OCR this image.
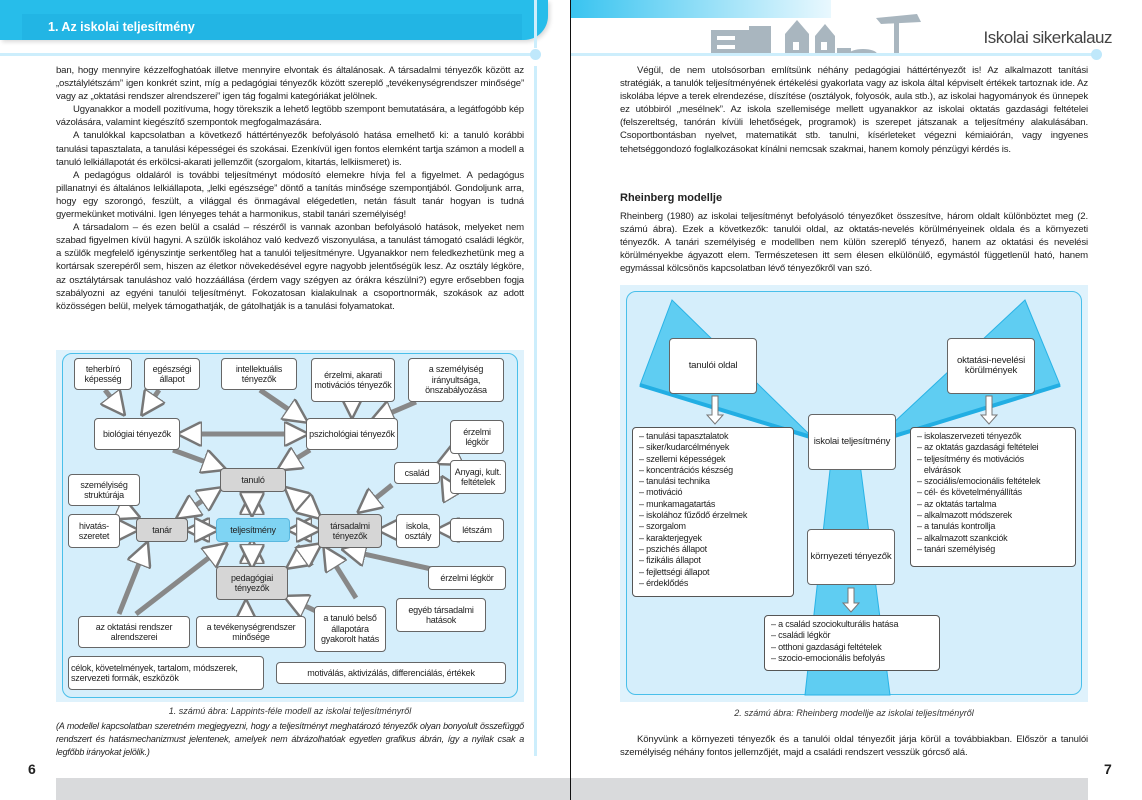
1. Az iskolai teljesítmény

ban, hogy mennyire kézzelfoghatóak illetve mennyire elvontak és általánosak. A társadalmi tényezők között az „osztálylétszám” igen konkrét szint, míg a pedagógiai tényezők között szereplő „tevékenységrendszer minősége” vagy az „oktatási rendszer alrendszerei” igen tág fogalmi kategóriákat jelölnek.

Ugyanakkor a modell pozitívuma, hogy törekszik a lehető legtöbb szempont bemutatására, a legátfogóbb kép vázolására, valamint kiegészítő szempontok megfogalmazására.

A tanulókkal kapcsolatban a következő háttértényezők befolyásoló hatása emelhető ki: a tanuló korábbi tanulási tapasztalata, a tanulási képességei és szokásai. Ezenkívül igen fontos elemként tartja számon a modell a tanuló lelkiállapotát és erkölcsi-akarati jellemzőit (szorgalom, kitartás, lelkiismeret) is.

A pedagógus oldaláról is további teljesítményt módosító elemekre hívja fel a figyelmet. A pedagógus pillanatnyi és általános lelkiállapota, „lelki egészsége” döntő a tanítás minősége szempontjából. Gondoljunk arra, hogy egy szorongó, feszült, a világgal és önmagával elégedetlen, netán fásult tanár hogyan is tudná gyermekünket motiválni. Igen lényeges tehát a harmonikus, stabil tanári személyiség!

A társadalom – és ezen belül a család – részéről is vannak azonban befolyásoló hatások, melyeket nem szabad figyelmen kívül hagyni. A szülők iskolához való kedvező viszonyulása, a tanulást támogató családi légkör, a szülők megfelelő igényszintje serkentőleg hat a tanulói teljesítményre. Ugyanakkor nem feledkezhetünk meg a kortársak szerepéről sem, hiszen az életkor növekedésével egyre nagyobb jelentőségük lesz. Az osztály légköre, az osztálytársak tanuláshoz való hozzáállása (érdem vagy szégyen az órákra készülni?) egyre erősebben fogja szabályozni az egyéni tanulói teljesítményt. Fokozatosan kialakulnak a csoportnormák, szokások az adott közösségen belül, melyek támogathatják, de gátolhatják is a tanulási folyamatokat.

teherbíró képesség
egészségi állapot
intellektuális tényezők	érzelmi, akarati motivációs tényezők
a személyiség irányultsága, önszabályozása
biológiai tényezők	pszichológiai tényezők	érzelmi légkör
család	Anyagi, kult. feltételek
tanuló
személyiség struktúrája
hivatás-szeretet
tanár	teljesítmény	társadalmi tényezők
iskola, osztály
létszám
pedagógiai tényezők
érzelmi légkör
az oktatási rendszer alrendszerei
a tevékenységrendszer minősége
a tanuló belső állapotára gyakorolt hatás
egyéb társadalmi hatások
célok, követelmények, tartalom, módszerek, szervezeti formák, eszközök
motiválás, aktivizálás, differenciálás, értékek
1. számú ábra: Lappints-féle modell az iskolai teljesítményről
(A modellel kapcsolatban szeretném megjegyezni, hogy a teljesítményt meghatározó tényezők olyan bonyolult összefüggő rendszert és hatásmechanizmust jelentenek, amelyek nem ábrázolhatóak egyetlen grafikus ábrán, így a nyilak csak a legfőbb irányokat jelölik.)
6
Iskolai sikerkalauz

Végül, de nem utolsósorban említsünk néhány pedagógiai háttértényezőt is! Az alkalmazott tanítási stratégiák, a tanulók teljesítményének értékelési gyakorlata vagy az iskola által képviselt értékek tartoznak ide. Az iskolába lépve a terek elrendezése, díszítése (osztályok, folyosók, aula stb.), az iskolai hagyományok és ünnepek ez utóbbiról „mesélnek”. Az iskola szellemisége mellett ugyanakkor az iskolai oktatás gazdasági feltételei (felszereltség, tanórán kívüli lehetőségek, programok) is szerepet játszanak a teljesítmény alakulásában. Csoportbontásban nyelvet, matematikát stb. tanulni, kísérleteket végezni kémiaiórán, vagy ingyenes tehetséggondozó foglalkozásokat kínálni nemcsak szakmai, hanem komoly pénzügyi kérdés is.

Rheinberg modellje

Rheinberg (1980) az iskolai teljesítményt befolyásoló tényezőket összesítve, három oldalt különböztet meg (2. számú ábra). Ezek a következők: tanulói oldal, az oktatás-nevelés körülményeinek oldala és a környezeti tényezők. A tanári személyiség e modellben nem külön szereplő tényező, hanem az oktatási és nevelési körülményekbe ágyazott elem. Természetesen itt sem élesen elkülönülő, egymástól függetlenül ható, hanem egymással kölcsönös kapcsolatban lévő tényezőkről van szó.

tanulói oldal	oktatási-nevelési körülmények
iskolai teljesítmény
környezeti tényezők
– tanulási tapasztalatok
– siker/kudarcélmények
– szellemi képességek
– koncentrációs készség
– tanulási technika
– motiváció
– munkamagatartás
– iskolához fűződő érzelmek
– szorgalom
– karakterjegyek
– pszichés állapot
– fizikális állapot
– fejlettségi állapot
– érdeklődés
– iskolaszervezeti tényezők
– az oktatás gazdasági feltételei
– teljesítmény és motivációs
elvárások
– szociális/emocionális feltételek
– cél- és követelményállítás
– az oktatás tartalma
– alkalmazott módszerek
– a tanulás kontrollja
– alkalmazott szankciók
– tanári személyiség
– a család szociokulturális hatása
– családi légkör
– otthoni gazdasági feltételek
– szocio-emocionális befolyás
2. számú ábra: Rheinberg modellje az iskolai teljesítményről

Könyvünk a környezeti tényezők és a tanulói oldal tényezőit járja körül a továbbiakban. Először a tanulói személyiség néhány fontos jellemzőjét, majd a családi rendszert vesszük górcső alá.

7
